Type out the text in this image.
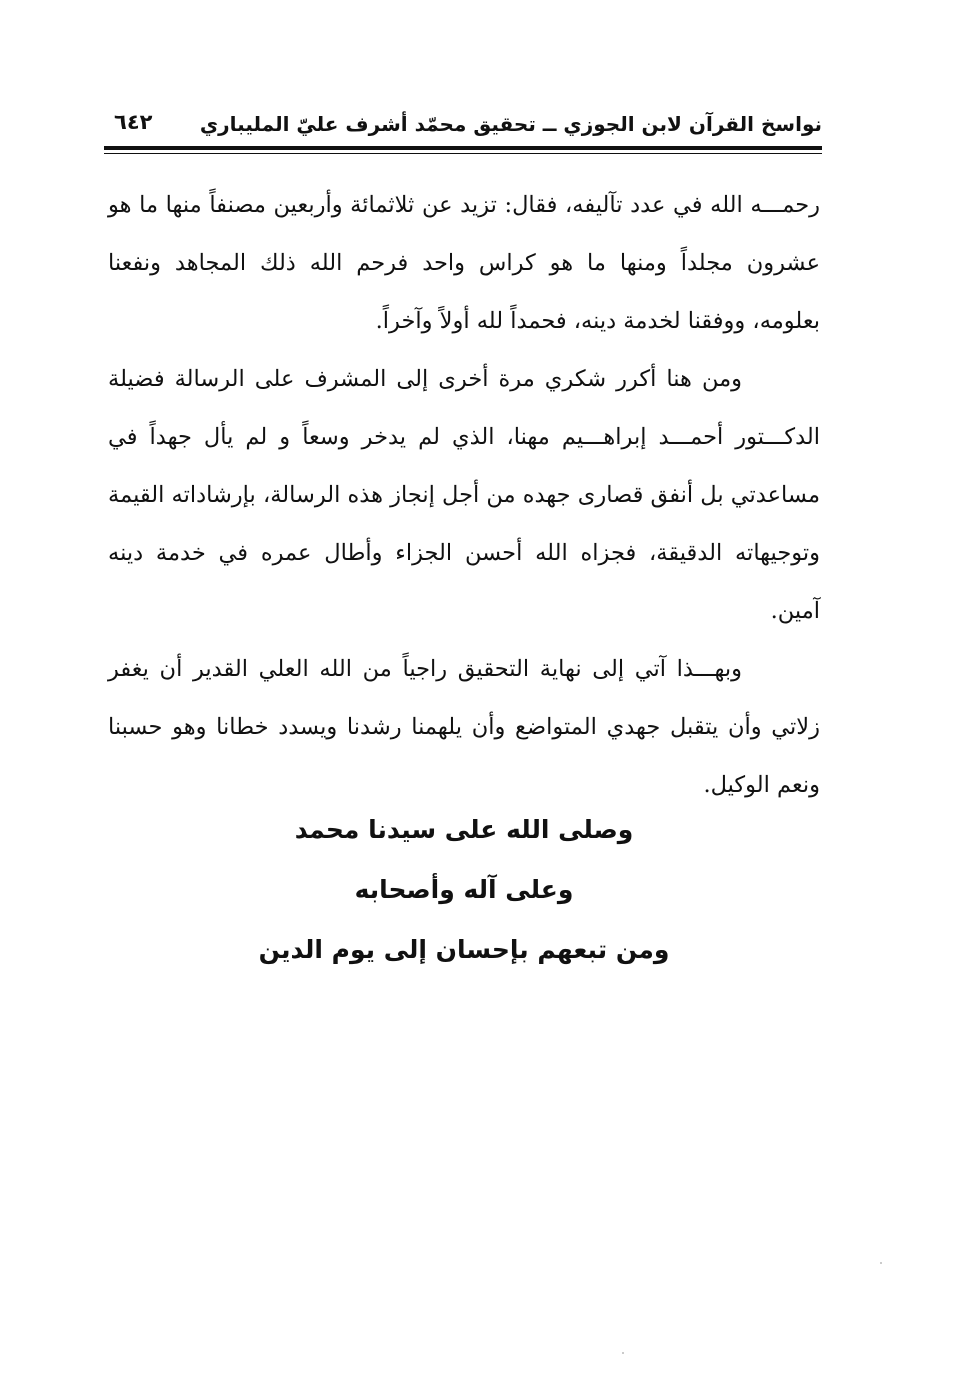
نواسخ القرآن لابن الجوزي ــ تحقيق محمّد أشرف عليّ المليباري
٦٤٢

رحمـــه الله في عدد تآليفه، فقال: تزيد عن ثلاثمائة وأربعين مصنفاً منها ما هو عشرون مجلداً ومنها ما هو كراس واحد فرحم الله ذلك المجاهد ونفعنا بعلومه، ووفقنا لخدمة دينه، فحمداً لله أولاً وآخراً.

ومن هنا أكرر شكري مرة أخرى إلى المشرف على الرسالة فضيلة الدكـــتور أحمـــد إبراهـــيم مهنا، الذي لم يدخر وسعاً و لم يأل جهداً في مساعدتي بل أنفق قصارى جهده من أجل إنجاز هذه الرسالة، بإرشاداته القيمة وتوجيهاته الدقيقة، فجزاه الله أحسن الجزاء وأطال عمره في خدمة دينه آمين.

وبهـــذا آتي إلى نهاية التحقيق راجياً من الله العلي القدير أن يغفر زلاتي وأن يتقبل جهدي المتواضع وأن يلهمنا رشدنا ويسدد خطانا وهو حسبنا ونعم الوكيل.

وصلى الله على سيدنا محمد

وعلى آله وأصحابه

ومن تبعهم بإحسان إلى يوم الدين
